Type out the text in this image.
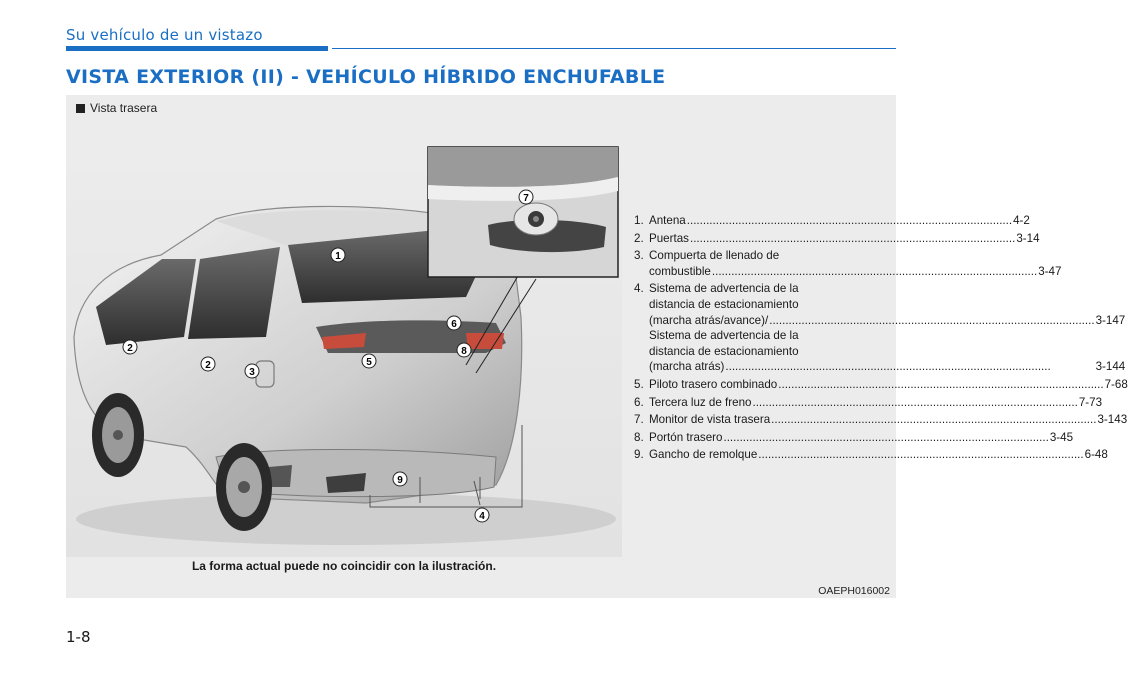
Su vehículo de un vistazo
VISTA EXTERIOR (II) - VEHÍCULO HÍBRIDO ENCHUFABLE
Vista trasera
1
2
2
3
4
5
6
8
9
7
1. Antena .....	4-2
2. Puertas .....	3-14
3. Compuerta de llenado de
combustible .....	3-47
4. Sistema de advertencia de la
distancia de estacionamiento
(marcha atrás/avance)/ .....	3-147
Sistema de advertencia de la
distancia de estacionamiento
(marcha atrás) .....	3-144
5. Piloto trasero combinado .....	7-68
6. Tercera luz de freno .....	7-73
7. Monitor de vista trasera .....	3-143
8. Portón trasero .....	3-45
9. Gancho de remolque .....	6-48
La forma actual puede no coincidir con la ilustración.
OAEPH016002
1-8
